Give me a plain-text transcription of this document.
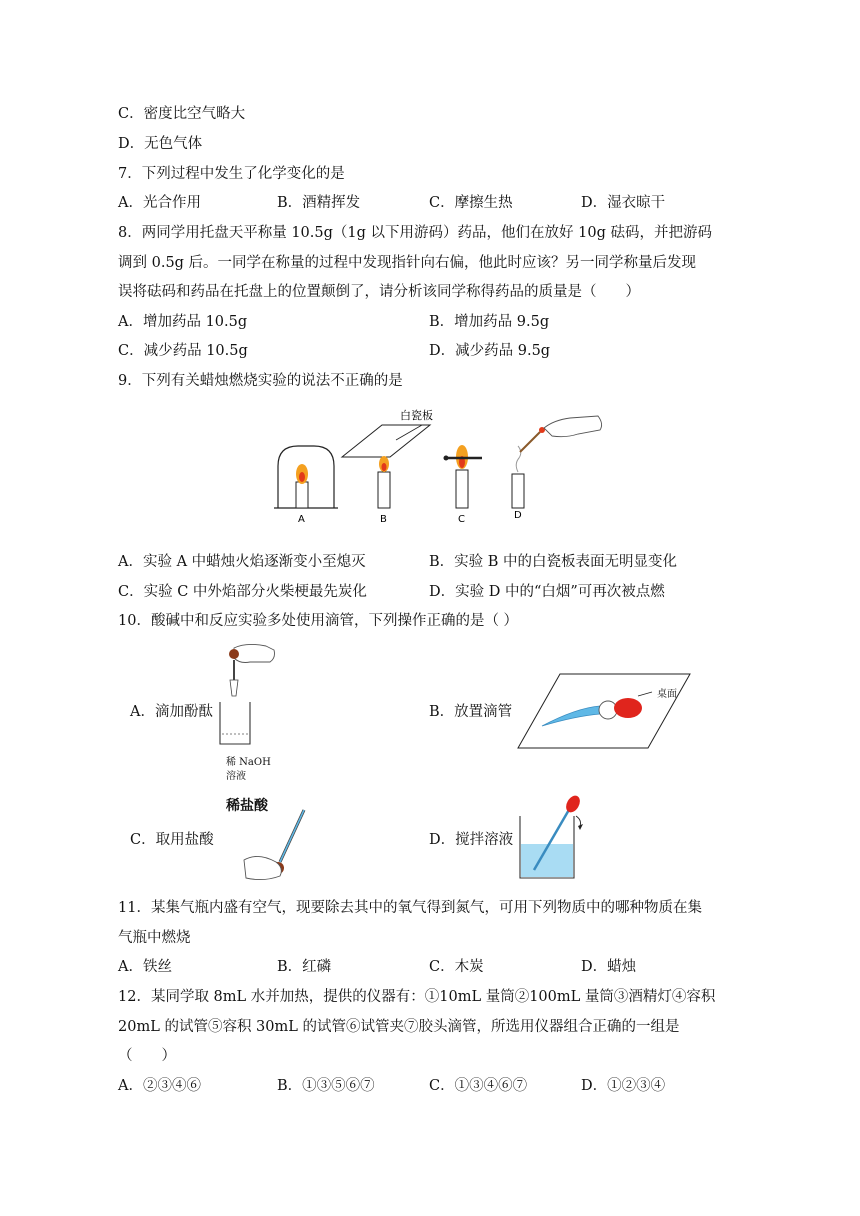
C．密度比空气略大
D．无色气体
7．下列过程中发生了化学变化的是
A．光合作用	B．酒精挥发	C．摩擦生热	D．湿衣晾干
8．两同学用托盘天平称量 10.5g（1g 以下用游码）药品，他们在放好 10g 砝码，并把游码
调到 0.5g 后。一同学在称量的过程中发现指针向右偏，他此时应该？另一同学称量后发现
误将砝码和药品在托盘上的位置颠倒了，请分析该同学称得药品的质量是（　　）
A．增加药品 10.5g	B．增加药品 9.5g
C．减少药品 10.5g	D．减少药品 9.5g
9．下列有关蜡烛燃烧实验的说法不正确的是
A
白瓷板
B	C	D
A．实验 A 中蜡烛火焰逐渐变小至熄灭	B．实验 B 中的白瓷板表面无明显变化
C．实验 C 中外焰部分火柴梗最先炭化	D．实验 D 中的“白烟”可再次被点燃
10．酸碱中和反应实验多处使用滴管，下列操作正确的是（ ）
稀 NaOH
溶液
A．滴加酚酞	B．放置滴管
桌面
稀盐酸
C．取用盐酸	D．搅拌溶液
11．某集气瓶内盛有空气，现要除去其中的氧气得到氮气，可用下列物质中的哪种物质在集
气瓶中燃烧
A．铁丝	B．红磷	C．木炭	D．蜡烛
12．某同学取 8mL 水并加热，提供的仪器有：①10mL 量筒②100mL 量筒③酒精灯④容积
20mL 的试管⑤容积 30mL 的试管⑥试管夹⑦胶头滴管，所选用仪器组合正确的一组是
（　　）
A．②③④⑥	B．①③⑤⑥⑦	C．①③④⑥⑦	D．①②③④
